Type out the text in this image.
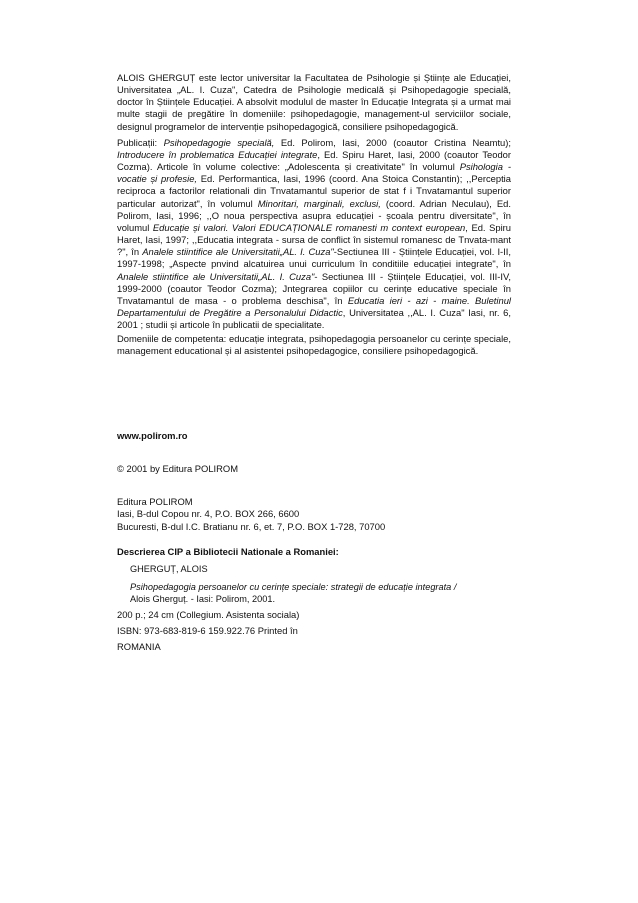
ALOIS GHERGUȚ este lector universitar la Facultatea de Psihologie și Științe ale Educației, Universitatea „AL. I. Cuza", Catedra de Psihologie medicală și Psihopedagogie specială, doctor în Științele Educației. A absolvit modulul de master în Educație Integrata și a urmat mai multe stagii de pregătire în domeniile: psihopedagogie, management-ul serviciilor sociale, designul programelor de intervenție psihopedagogică, consiliere psihopedagogică.

Publicații: Psihopedagogie specială, Ed. Polirom, Iasi, 2000 (coautor Cristina Neamtu); Introducere în problematica Educației integrate, Ed. Spiru Haret, Iasi, 2000 (coautor Teodor Cozma). Articole în volume colective: „Adolescenta și creativitate" în volumul Psihologia -vocatie și profesie, Ed. Performantica, Iasi, 1996 (coord. Ana Stoica Constantin); ,,Perceptia reciproca a factorilor relationali din Tnvatamantul superior de stat f i Tnvatamantul superior particular autorizat", în volumul Minoritari, marginali, exclusi, (coord. Adrian Neculau), Ed. Polirom, Iasi, 1996; ,,O noua perspectiva asupra educației - școala pentru diversitate", în volumul Educație și valori. Valori EDUCAȚIONALE romanesti m context european, Ed. Spiru Haret, Iasi, 1997; ,,Educatia integrata - sursa de conflict în sistemul romanesc de Tnvata-mant ?", în Analele stiintifice ale Universitatii„AL. I. Cuza"-Sectiunea III - Științele Educației, vol. I-II, 1997-1998; „Aspecte pnvind alcatuirea unui curriculum în conditiile educației integrate", în Analele stiintifice ale Universitatii„AL. I. Cuza"- Sectiunea III - Științele Educației, vol. III-IV, 1999-2000 (coautor Teodor Cozma); Jntegrarea copiilor cu cerințe educative speciale în Tnvatamantul de masa - o problema deschisa", în Educatia ieri - azi - maine. Buletinul Departamentului de Pregătire a Personalului Didactic, Universitatea ,,AL. I. Cuza" Iasi, nr. 6, 2001 ; studii și articole în publicatii de specialitate.

Domeniile de competenta: educație integrata, psihopedagogia persoanelor cu cerințe speciale, management educational și al asistentei psihopedagogice, consiliere psihopedagogică.

www.polirom.ro

© 2001 by Editura POLIROM

Editura POLIROM
Iasi, B-dul Copou nr. 4, P.O. BOX 266, 6600
Bucuresti, B-dul I.C. Bratianu nr. 6, et. 7, P.O. BOX 1-728, 70700

Descrierea CIP a Bibliotecii Nationale a Romaniei:

GHERGUȚ, ALOIS
Psihopedagogia persoanelor cu cerințe speciale: strategii de educație integrata /
Alois Gherguț. - Iasi: Polirom, 2001.
200 p.; 24 cm (Collegium. Asistenta sociala)
ISBN: 973-683-819-6 159.922.76 Printed în
ROMANIA
